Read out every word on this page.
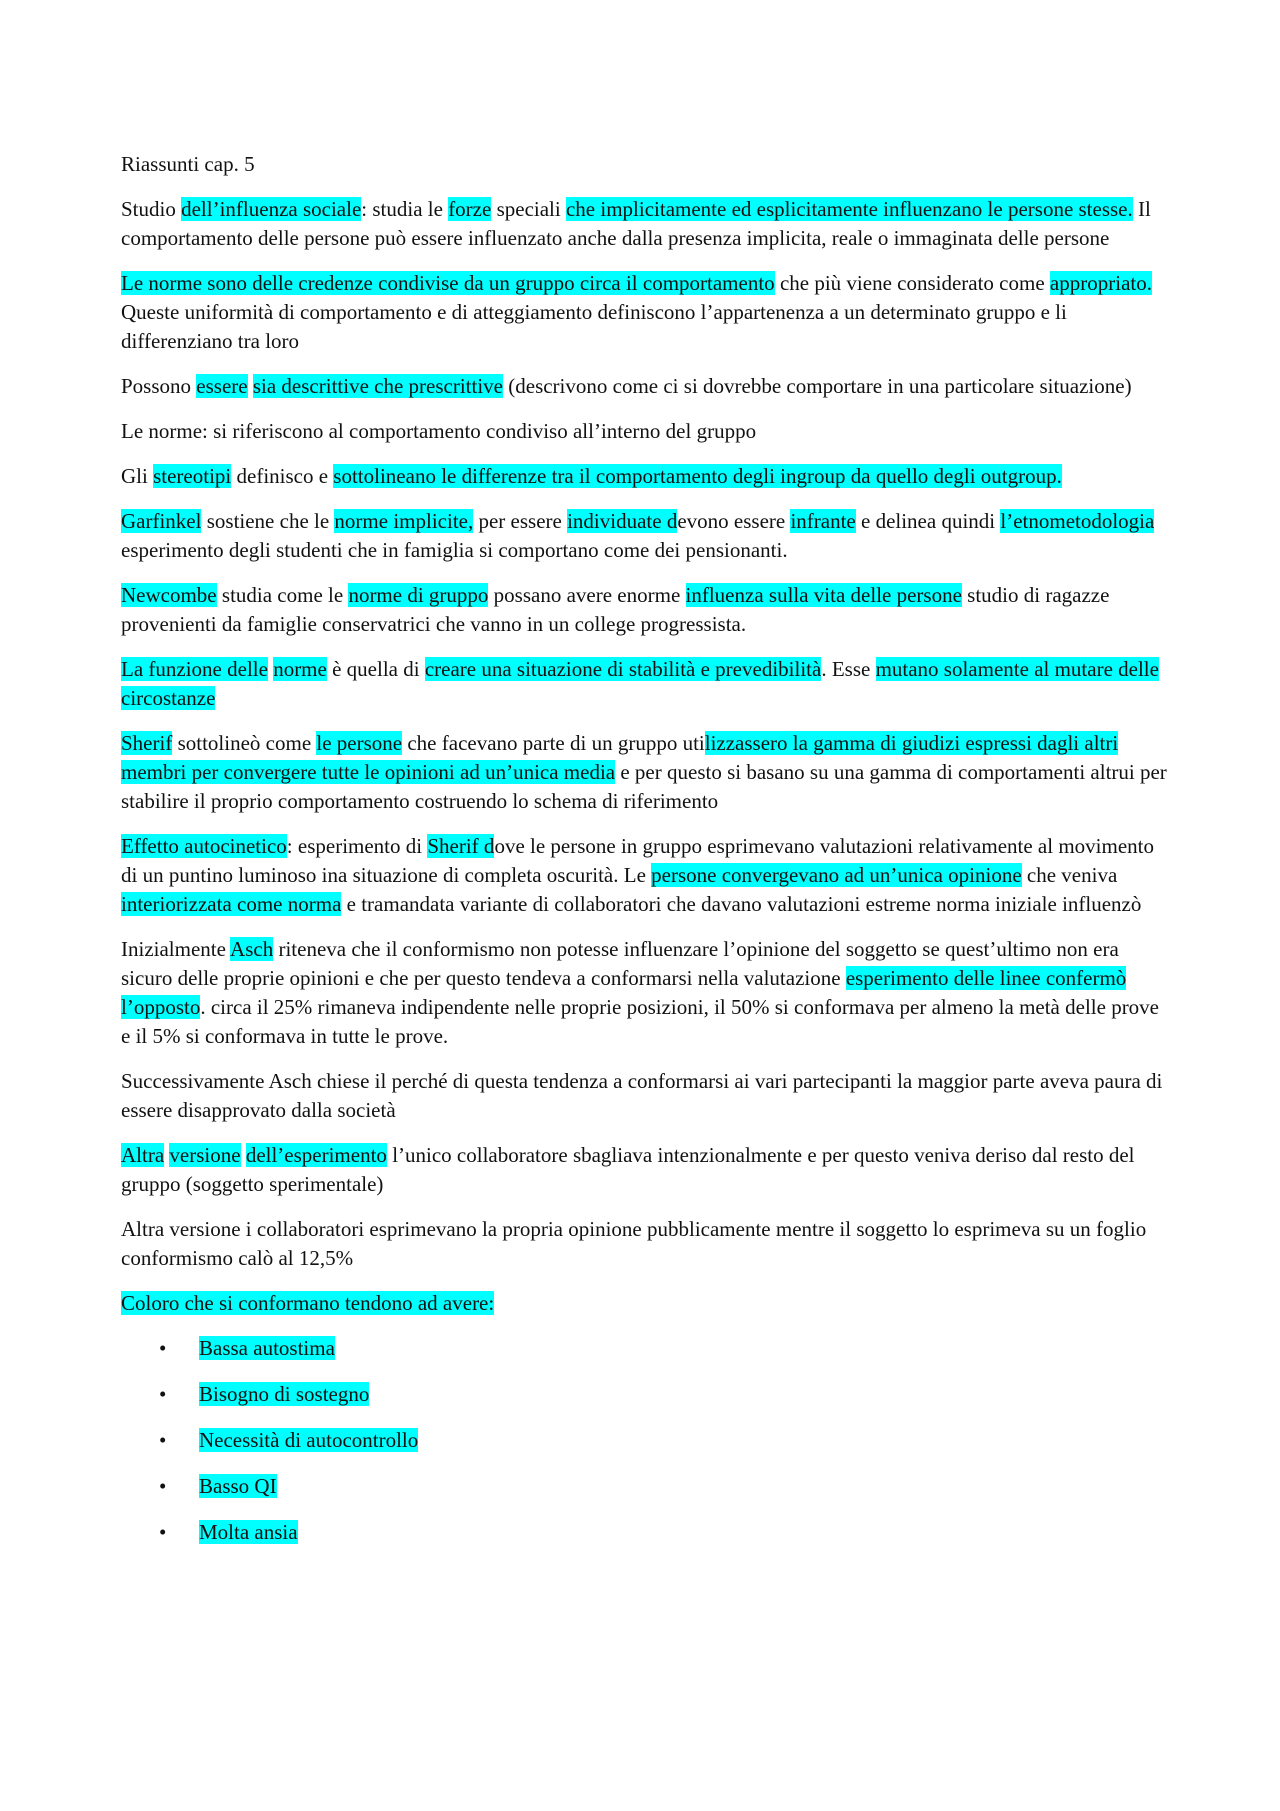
Riassunti cap. 5

Studio dell’influenza sociale: studia le forze speciali che implicitamente ed esplicitamente influenzano le persone stesse. Il comportamento delle persone può essere influenzato anche dalla presenza implicita, reale o immaginata delle persone

Le norme sono delle credenze condivise da un gruppo circa il comportamento che più viene considerato come appropriato. Queste uniformità di comportamento e di atteggiamento definiscono l’appartenenza a un determinato gruppo e li differenziano tra loro

Possono essere sia descrittive che prescrittive (descrivono come ci si dovrebbe comportare in una particolare situazione)

Le norme: si riferiscono al comportamento condiviso all’interno del gruppo

Gli stereotipi definisco e sottolineano le differenze tra il comportamento degli ingroup da quello degli outgroup.

Garfinkel sostiene che le norme implicite, per essere individuate devono essere infrante e delinea quindi l’etnometodologia esperimento degli studenti che in famiglia si comportano come dei pensionanti.

Newcombe studia come le norme di gruppo possano avere enorme influenza sulla vita delle persone studio di ragazze provenienti da famiglie conservatrici che vanno in un college progressista.

La funzione delle norme è quella di creare una situazione di stabilità e prevedibilità. Esse mutano solamente al mutare delle circostanze

Sherif sottolineò come le persone che facevano parte di un gruppo utilizzassero la gamma di giudizi espressi dagli altri membri per convergere tutte le opinioni ad un’unica media e per questo si basano su una gamma di comportamenti altrui per stabilire il proprio comportamento costruendo lo schema di riferimento

Effetto autocinetico: esperimento di Sherif dove le persone in gruppo esprimevano valutazioni relativamente al movimento di un puntino luminoso ina situazione di completa oscurità. Le persone convergevano ad un’unica opinione che veniva interiorizzata come norma e tramandata variante di collaboratori che davano valutazioni estreme norma iniziale influenzò

Inizialmente Asch riteneva che il conformismo non potesse influenzare l’opinione del soggetto se quest’ultimo non era sicuro delle proprie opinioni e che per questo tendeva a conformarsi nella valutazione esperimento delle linee confermò l’opposto. circa il 25% rimaneva indipendente nelle proprie posizioni, il 50% si conformava per almeno la metà delle prove e il 5% si conformava in tutte le prove.

Successivamente Asch chiese il perché di questa tendenza a conformarsi ai vari partecipanti la maggior parte aveva paura di essere disapprovato dalla società

Altra versione dell’esperimento l’unico collaboratore sbagliava intenzionalmente e per questo veniva deriso dal resto del gruppo (soggetto sperimentale)

Altra versione i collaboratori esprimevano la propria opinione pubblicamente mentre il soggetto lo esprimeva su un foglio conformismo calò al 12,5%

Coloro che si conformano tendono ad avere:

• Bassa autostima
• Bisogno di sostegno
• Necessità di autocontrollo
• Basso QI
• Molta ansia
